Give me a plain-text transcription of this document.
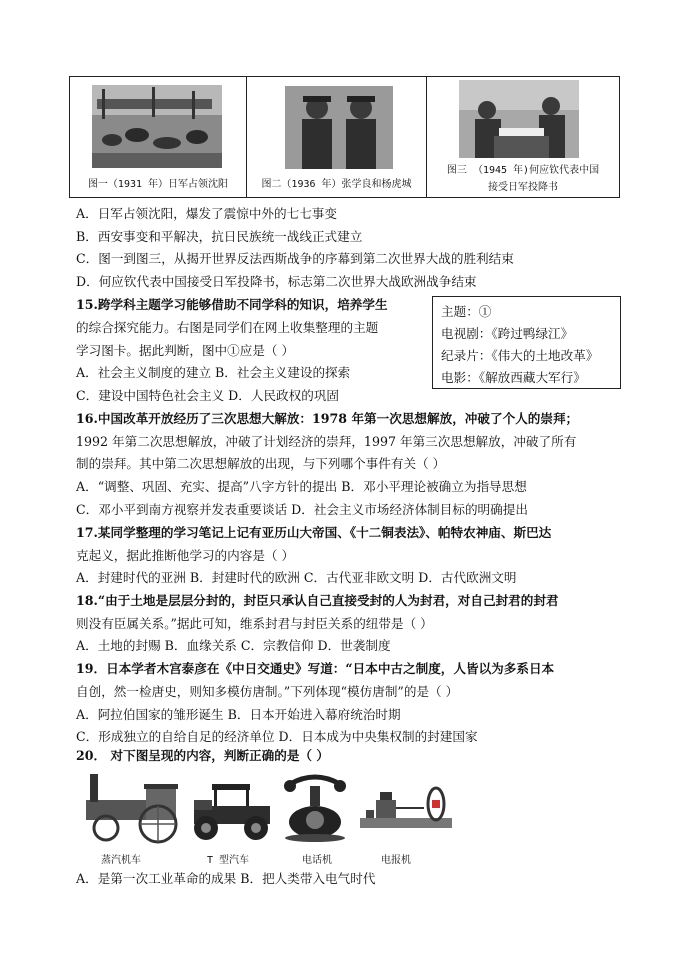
图一（1931 年）日军占领沈阳	图二（1936 年）张学良和杨虎城
图三 （1945 年)何应钦代表中国
接受日军投降书
A．日军占领沈阳，爆发了震惊中外的七七事变
B．西安事变和平解决，抗日民族统一战线正式建立
C．图一到图三，从揭开世界反法西斯战争的序幕到第二次世界大战的胜利结束
D．何应钦代表中国接受日军投降书，标志第二次世界大战欧洲战争结束
15.跨学科主题学习能够借助不同学科的知识，培养学生
的综合探究能力。右图是同学们在网上收集整理的主题
学习图卡。据此判断，图中①应是（ ）
A．社会主义制度的建立 B．社会主义建设的探索
C．建设中国特色社会主义 D．人民政权的巩固
主题：①
电视剧：《跨过鸭绿江》
纪录片：《伟大的土地改革》
电影：《解放西藏大军行》
16.中国改革开放经历了三次思想大解放：1978 年第一次思想解放，冲破了个人的崇拜；
1992 年第二次思想解放，冲破了计划经济的崇拜，1997 年第三次思想解放，冲破了所有
制的崇拜。其中第二次思想解放的出现，与下列哪个事件有关（ ）
A．“调整、巩固、充实、提高”八字方针的提出 B．邓小平理论被确立为指导思想
C．邓小平到南方视察并发表重要谈话 D．社会主义市场经济体制目标的明确提出
17.某同学整理的学习笔记上记有亚历山大帝国、《十二铜表法》、帕特农神庙、斯巴达
克起义，据此推断他学习的内容是（ ）
A．封建时代的亚洲 B．封建时代的欧洲 C．古代亚非欧文明 D．古代欧洲文明
18.“由于土地是层层分封的，封臣只承认自己直接受封的人为封君，对自己封君的封君
则没有臣属关系。”据此可知，维系封君与封臣关系的纽带是（ ）
A．土地的封赐 B．血缘关系 C．宗教信仰 D．世袭制度
19．日本学者木宫泰彦在《中日交通史》写道：“日本中古之制度，人皆以为多系日本
自创，然一检唐史，则知多模仿唐制。”下列体现“模仿唐制”的是（ ）
A．阿拉伯国家的雏形诞生 B．日本开始进入幕府统治时期
C．形成独立的自给自足的经济单位 D．日本成为中央集权制的封建国家
20． 对下图呈现的内容，判断正确的是（ ）
蒸汽机车	T 型汽车	电话机	电报机
A．是第一次工业革命的成果 B．把人类带入电气时代
